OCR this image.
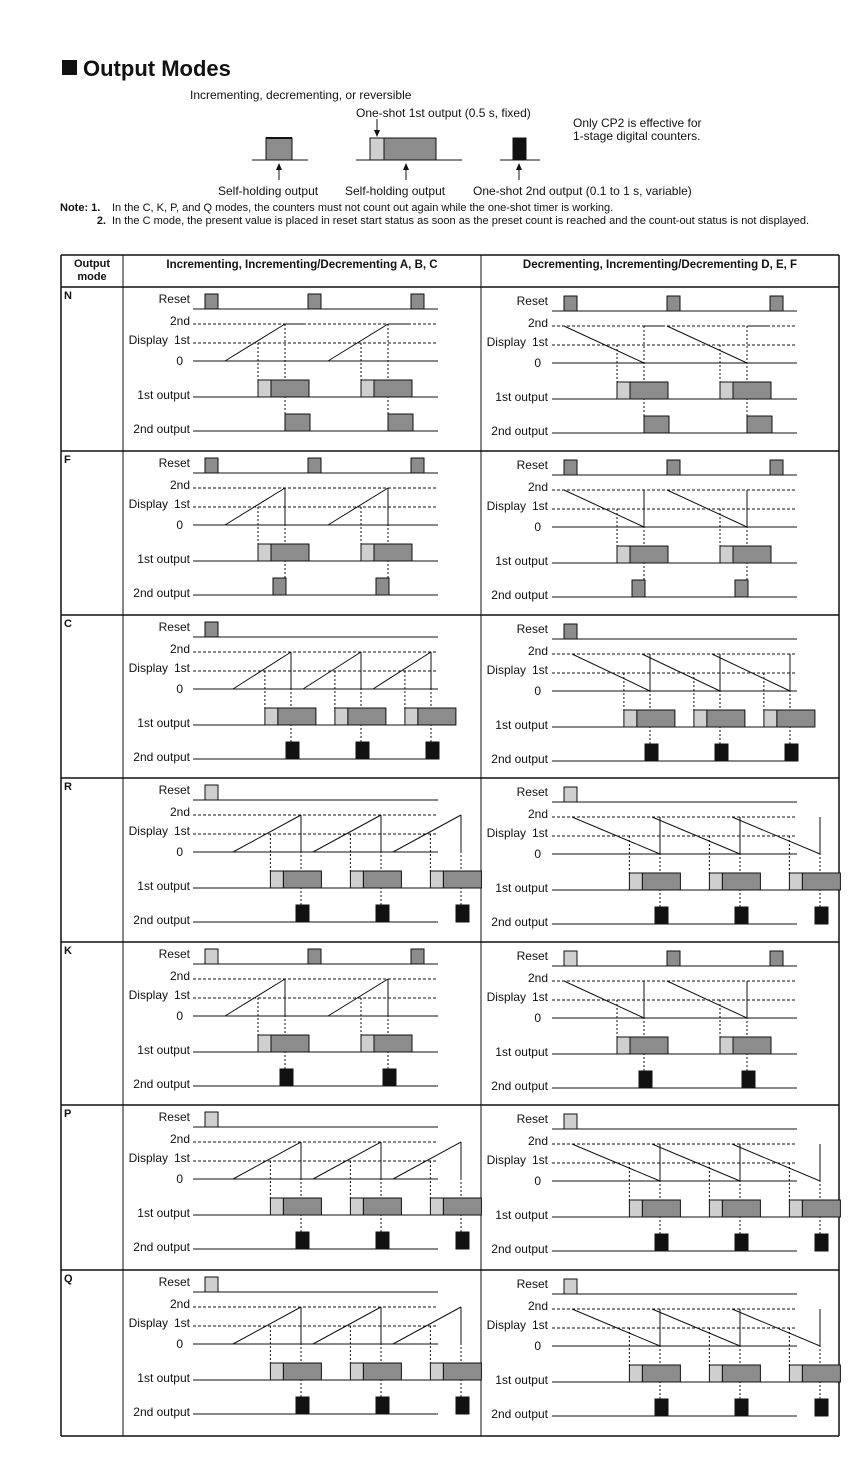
Output Modes
Incrementing, decrementing, or reversible
One-shot 1st output (0.5 s, fixed)
Only CP2 is effective for
1-stage digital counters.
Self-holding output Self-holding output One-shot 2nd output (0.1 to 1 s, variable)
Note: 1.	In the C, K, P, and Q modes, the counters must not count out again while the one-shot timer is working.
2. In the C mode, the present value is placed in reset start status as soon as the preset count is reached and the count-out status is not displayed.
Output
mode
Incrementing, Incrementing/Decrementing A, B, C	Decrementing, Incrementing/Decrementing D, E, F
N	Reset
2nd
Display 1st
0
1st output
2nd output
Reset
2nd
Display 1st
0
1st output
2nd output
F	Reset
2nd
Display 1st
0
1st output
2nd output
Reset
2nd
Display 1st
0
1st output
2nd output
C	Reset
2nd
Display 1st
0
1st output
2nd output
Reset
2nd
Display 1st
0
1st output
2nd output
R	Reset
2nd
Display 1st
0
1st output
2nd output
Reset
2nd
Display 1st
0
1st output
2nd output
K	Reset
2nd
Display 1st
0
1st output
2nd output
Reset
2nd
Display 1st
0
1st output
2nd output
P	Reset
2nd
Display 1st
0
1st output
2nd output
Reset
2nd
Display 1st
0
1st output
2nd output
Q	Reset
2nd
Display 1st
0
1st output
2nd output
Reset
2nd
Display 1st
0
1st output
2nd output
